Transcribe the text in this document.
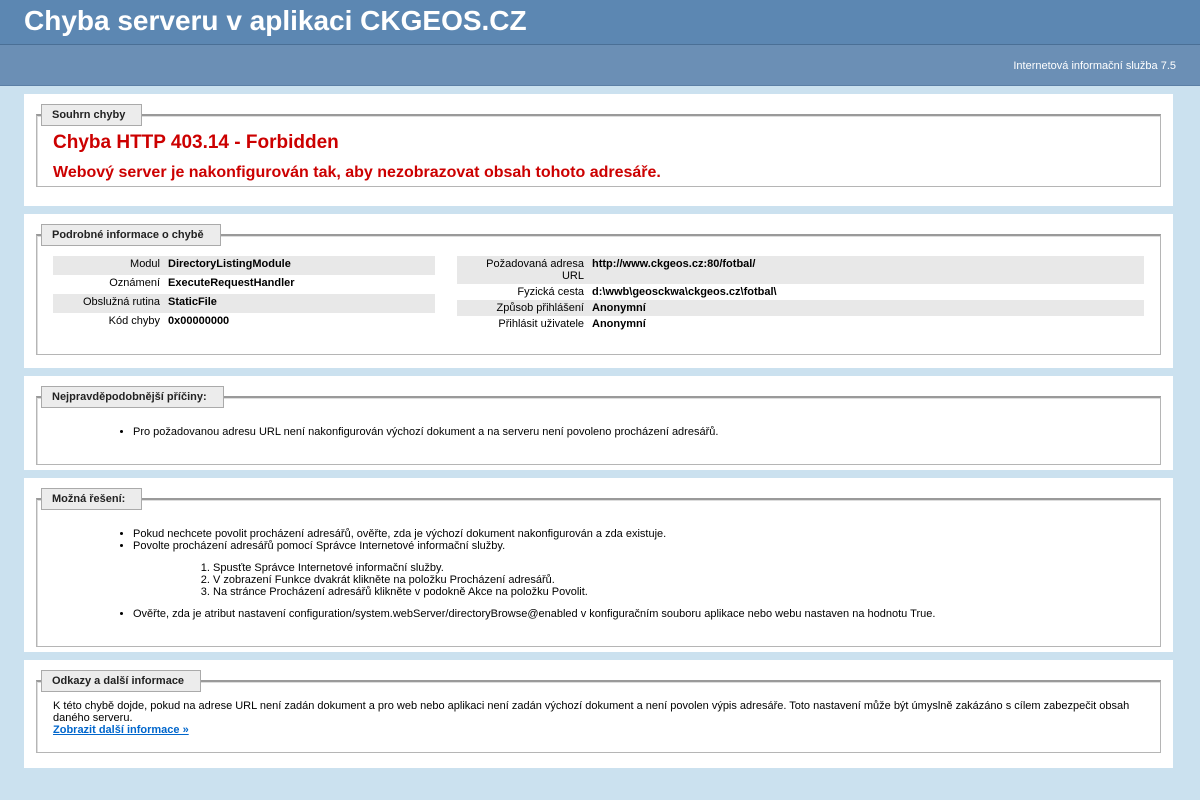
Chyba serveru v aplikaci CKGEOS.CZ
Internetová informační služba 7.5
Souhrn chyby
Chyba HTTP 403.14 - Forbidden
Webový server je nakonfigurován tak, aby nezobrazovat obsah tohoto adresáře.
Podrobné informace o chybě
Modul	DirectoryListingModule
Oznámení	ExecuteRequestHandler
Obslužná rutina	StaticFile
Kód chyby	0x00000000
Požadovaná adresa URL	http://www.ckgeos.cz:80/fotbal/
Fyzická cesta	d:\wwb\geosckwa\ckgeos.cz\fotbal\
Způsob přihlášení	Anonymní
Přihlásit uživatele	Anonymní
Nejpravděpodobnější příčiny:
• Pro požadovanou adresu URL není nakonfigurován výchozí dokument a na serveru není povoleno procházení adresářů.
Možná řešení:
• Pokud nechcete povolit procházení adresářů, ověřte, zda je výchozí dokument nakonfigurován a zda existuje.
• Povolte procházení adresářů pomocí Správce Internetové informační služby.
1. Spusťte Správce Internetové informační služby.
2. V zobrazení Funkce dvakrát klikněte na položku Procházení adresářů.
3. Na stránce Procházení adresářů klikněte v podokně Akce na položku Povolit.
• Ověřte, zda je atribut nastavení configuration/system.webServer/directoryBrowse@enabled v konfiguračním souboru aplikace nebo webu nastaven na hodnotu True.
Odkazy a další informace

K této chybě dojde, pokud na adrese URL není zadán dokument a pro web nebo aplikaci není zadán výchozí dokument a není povolen výpis adresáře. Toto nastavení může být úmyslně zakázáno s cílem zabezpečit obsah daného serveru.

Zobrazit další informace »
